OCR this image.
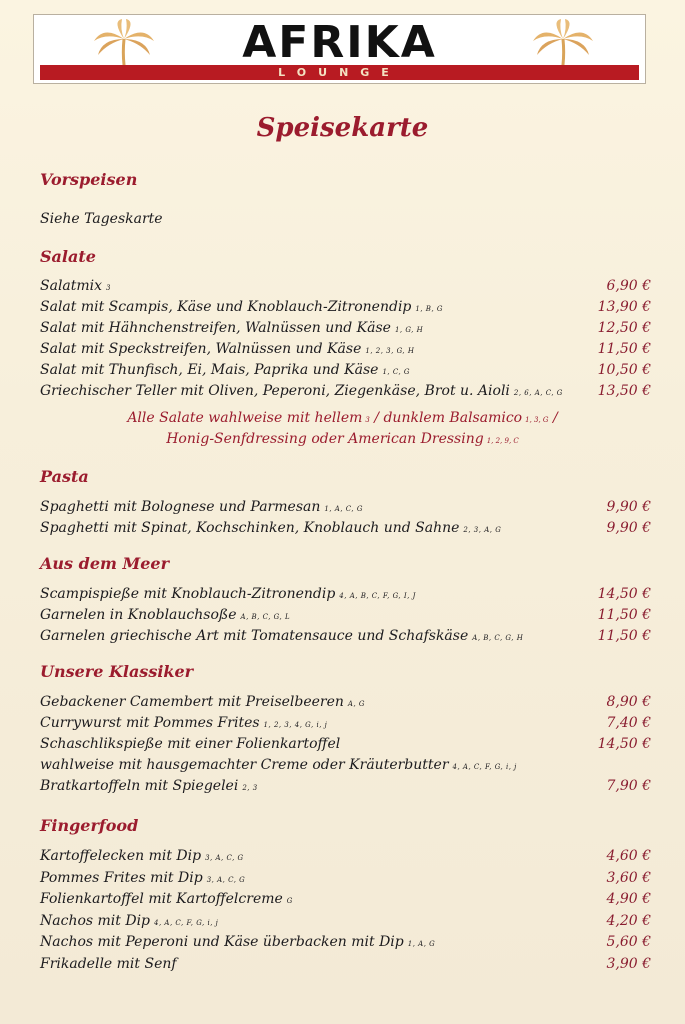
AFRIKA
LOUNGE
Speisekarte
Vorspeisen
Siehe Tageskarte
Salate
Salatmix 3	6,90 €
Salat mit Scampis, Käse und Knoblauch-Zitronendip 1, B, G	13,90 €
Salat mit Hähnchenstreifen, Walnüssen und Käse 1, G, H	12,50 €
Salat mit Speckstreifen, Walnüssen und Käse 1, 2, 3, G, H	11,50 €
Salat mit Thunfisch, Ei, Mais, Paprika und Käse 1, C, G	10,50 €
Griechischer Teller mit Oliven, Peperoni, Ziegenkäse, Brot u. Aioli 2, 6, A, C, G 13,50 €
Alle Salate wahlweise mit hellem 3 / dunklem Balsamico 1, 3, G /
Honig-Senfdressing oder American Dressing 1, 2, 9, C
Pasta
Spaghetti mit Bolognese und Parmesan 1, A, C, G	9,90 €
Spaghetti mit Spinat, Kochschinken, Knoblauch und Sahne 2, 3, A, G	9,90 €
Aus dem Meer
Scampispieße mit Knoblauch-Zitronendip 4, A, B, C, F, G, I, J	14,50 €
Garnelen in Knoblauchsoße A, B, C, G, L	11,50 €
Garnelen griechische Art mit Tomatensauce und Schafskäse A, B, C, G, H	11,50 €
Unsere Klassiker
Gebackener Camembert mit Preiselbeeren A, G	8,90 €
Currywurst mit Pommes Frites 1, 2, 3, 4, G, i, j	7,40 €
Schaschlikspieße mit einer Folienkartoffel	14,50 €
wahlweise mit hausgemachter Creme oder Kräuterbutter 4, A, C, F, G, i, j
Bratkartoffeln mit Spiegelei 2, 3	7,90 €
Fingerfood
Kartoffelecken mit Dip 3, A, C, G	4,60 €
Pommes Frites mit Dip 3, A, C, G	3,60 €
Folienkartoffel mit Kartoffelcreme G	4,90 €
Nachos mit Dip 4, A, C, F, G, i, j	4,20 €
Nachos mit Peperoni und Käse überbacken mit Dip 1, A, G	5,60 €
Frikadelle mit Senf	3,90 €
